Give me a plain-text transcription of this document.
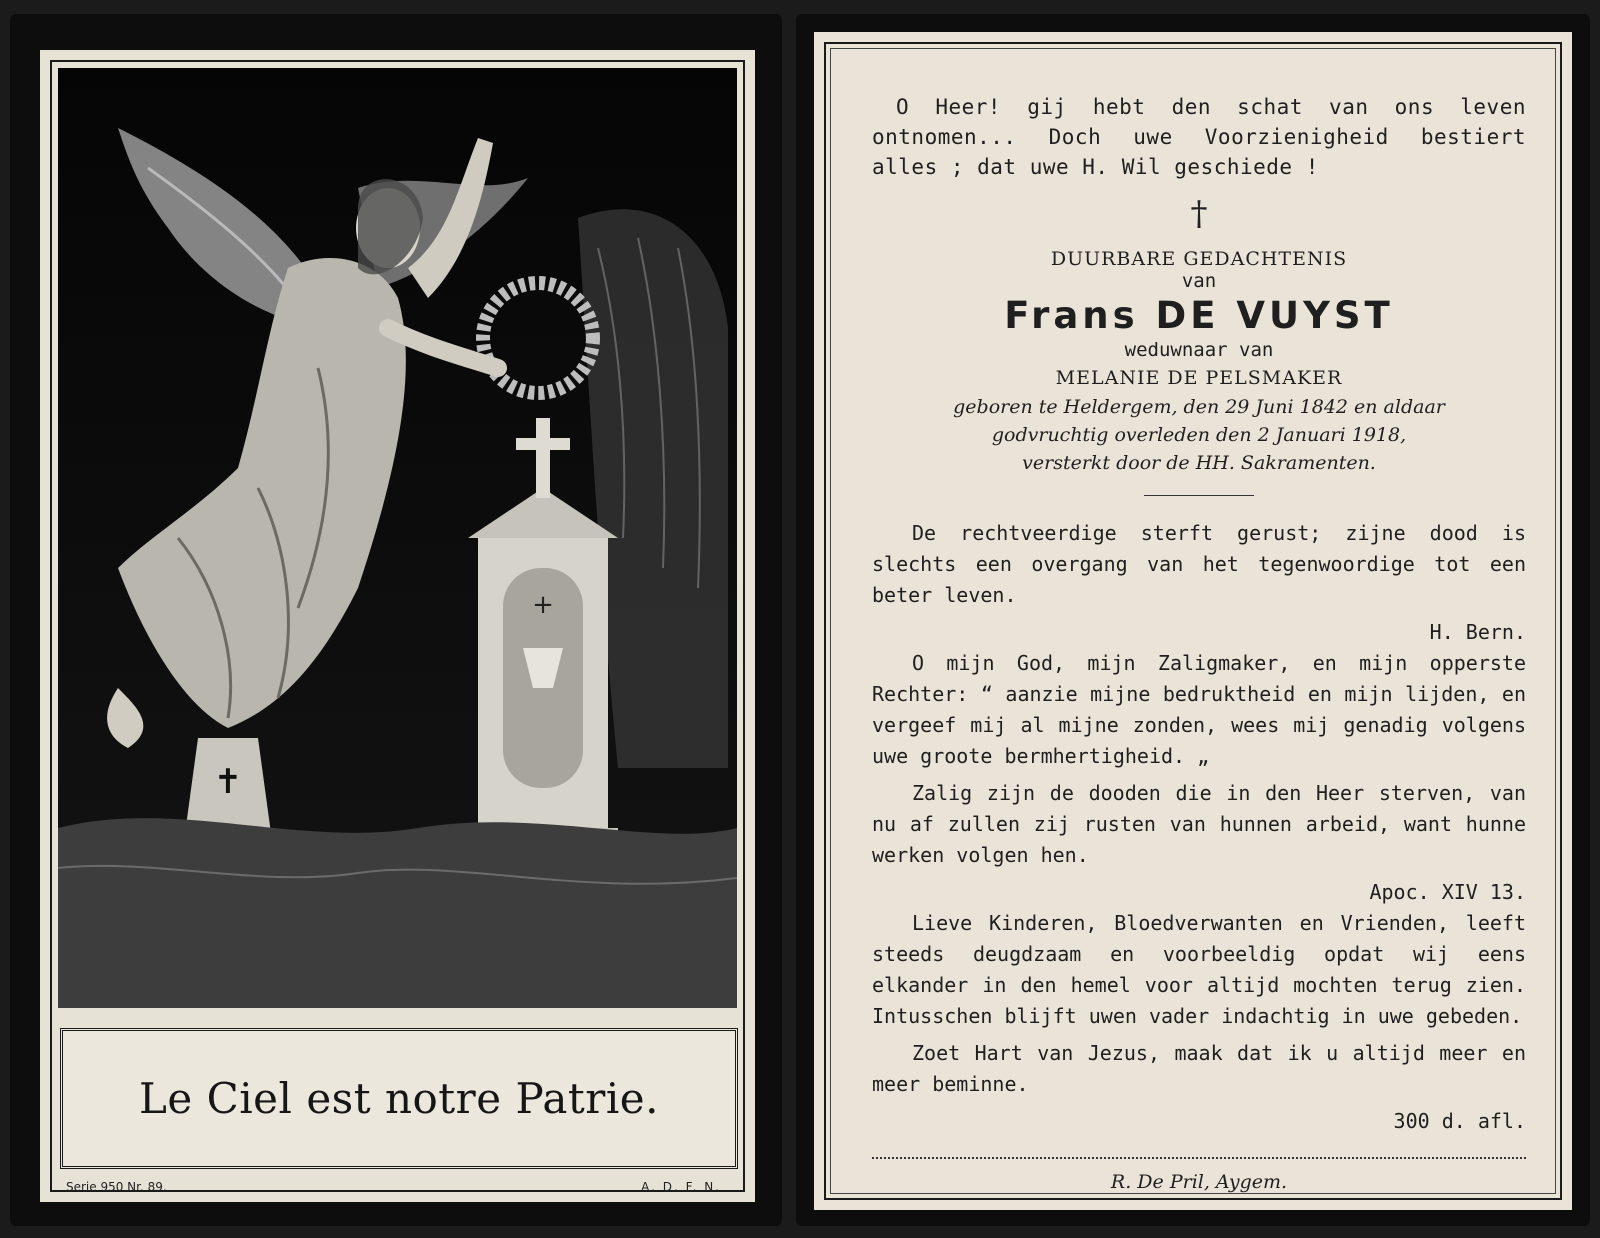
+
✝
Le Ciel est notre Patrie.
Serie 950 Nr. 89.	A. D. F. N.

O Heer! gij hebt den schat van ons leven ontnomen... Doch uwe Voorzienigheid bestiert alles ; dat uwe H. Wil geschiede !

†

DUURBARE GEDACHTENIS

van

Frans DE VUYST

weduwnaar van

MELANIE DE PELSMAKER

geboren te Heldergem, den 29 Juni 1842 en aldaar

godvruchtig overleden den 2 Januari 1918,

versterkt door de HH. Sakramenten.

De rechtveerdige sterft gerust; zijne dood is slechts een overgang van het tegenwoordige tot een beter leven.

H. Bern.

O mijn God, mijn Zaligmaker, en mijn opperste Rechter: “ aanzie mijne bedruktheid en mijn lijden, en vergeef mij al mijne zonden, wees mij genadig volgens uwe groote bermhertigheid. „

Zalig zijn de dooden die in den Heer sterven, van nu af zullen zij rusten van hunnen arbeid, want hunne werken volgen hen.

Apoc. XIV 13.

Lieve Kinderen, Bloedverwanten en Vrienden, leeft steeds deugdzaam en voorbeeldig opdat wij eens elkander in den hemel voor altijd mochten terug zien. Intusschen blijft uwen vader indachtig in uwe gebeden.

Zoet Hart van Jezus, maak dat ik u altijd meer en meer beminne.

300 d. afl.

R. De Pril, Aygem.
